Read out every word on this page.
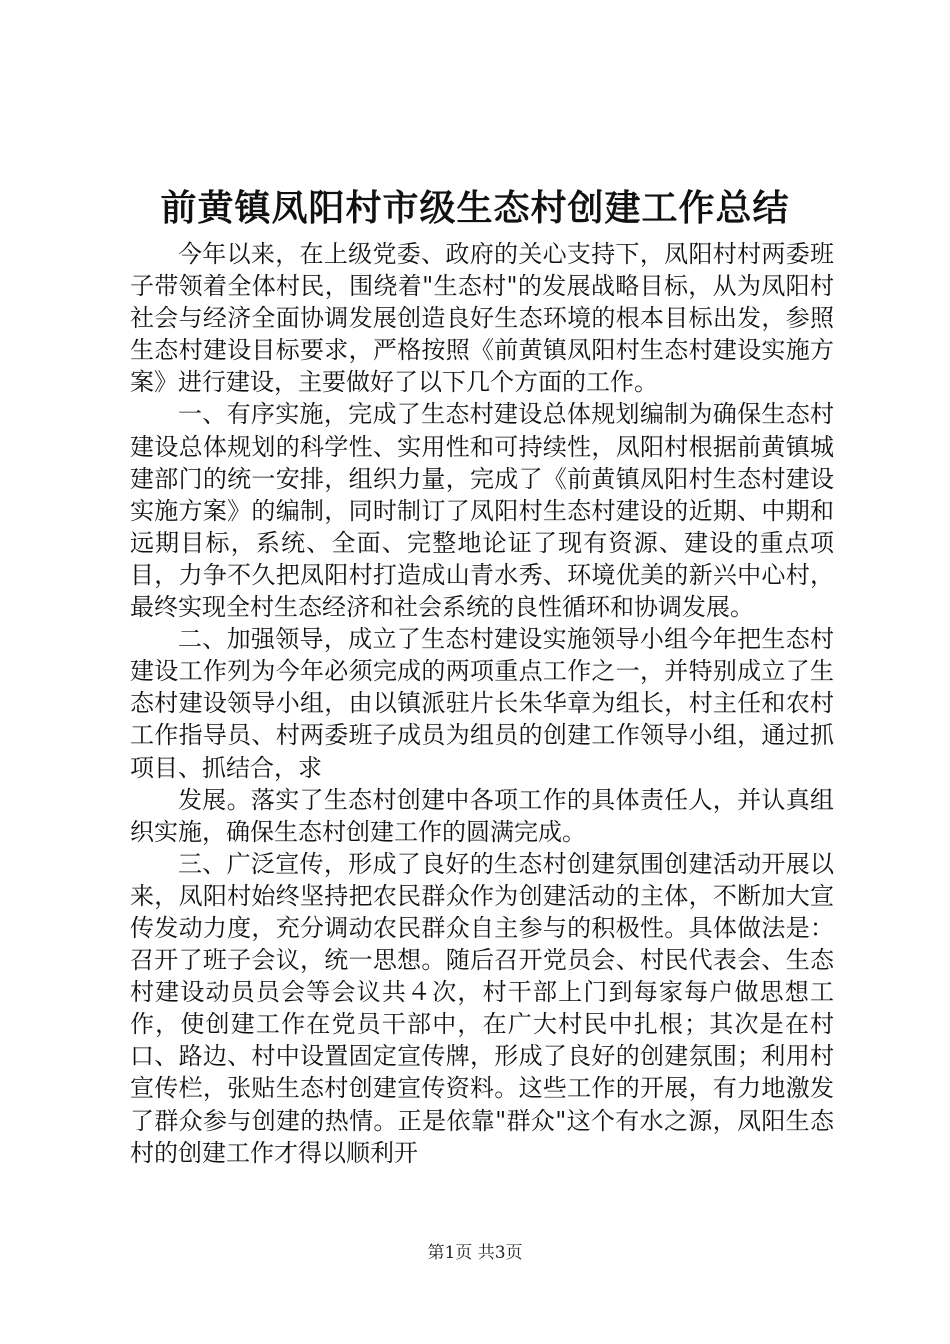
前黄镇凤阳村市级生态村创建工作总结

今年以来，在上级党委、政府的关心支持下，凤阳村村两委班子带领着全体村民，围绕着"生态村"的发展战略目标，从为凤阳村社会与经济全面协调发展创造良好生态环境的根本目标出发，参照生态村建设目标要求，严格按照《前黄镇凤阳村生态村建设实施方案》进行建设，主要做好了以下几个方面的工作。

一、有序实施，完成了生态村建设总体规划编制为确保生态村建设总体规划的科学性、实用性和可持续性，凤阳村根据前黄镇城建部门的统一安排，组织力量，完成了《前黄镇凤阳村生态村建设实施方案》的编制，同时制订了凤阳村生态村建设的近期、中期和远期目标，系统、全面、完整地论证了现有资源、建设的重点项目，力争不久把凤阳村打造成山青水秀、环境优美的新兴中心村，最终实现全村生态经济和社会系统的良性循环和协调发展。

二、加强领导，成立了生态村建设实施领导小组今年把生态村建设工作列为今年必须完成的两项重点工作之一，并特别成立了生态村建设领导小组，由以镇派驻片长朱华章为组长，村主任和农村工作指导员、村两委班子成员为组员的创建工作领导小组，通过抓项目、抓结合，求

发展。落实了生态村创建中各项工作的具体责任人，并认真组织实施，确保生态村创建工作的圆满完成。

三、广泛宣传，形成了良好的生态村创建氛围创建活动开展以来，凤阳村始终坚持把农民群众作为创建活动的主体，不断加大宣传发动力度，充分调动农民群众自主参与的积极性。具体做法是：召开了班子会议，统一思想。随后召开党员会、村民代表会、生态村建设动员员会等会议共４次，村干部上门到每家每户做思想工作，使创建工作在党员干部中，在广大村民中扎根；其次是在村口、路边、村中设置固定宣传牌，形成了良好的创建氛围；利用村宣传栏，张贴生态村创建宣传资料。这些工作的开展，有力地激发了群众参与创建的热情。正是依靠"群众"这个有水之源，凤阳生态村的创建工作才得以顺利开

第1页 共3页
